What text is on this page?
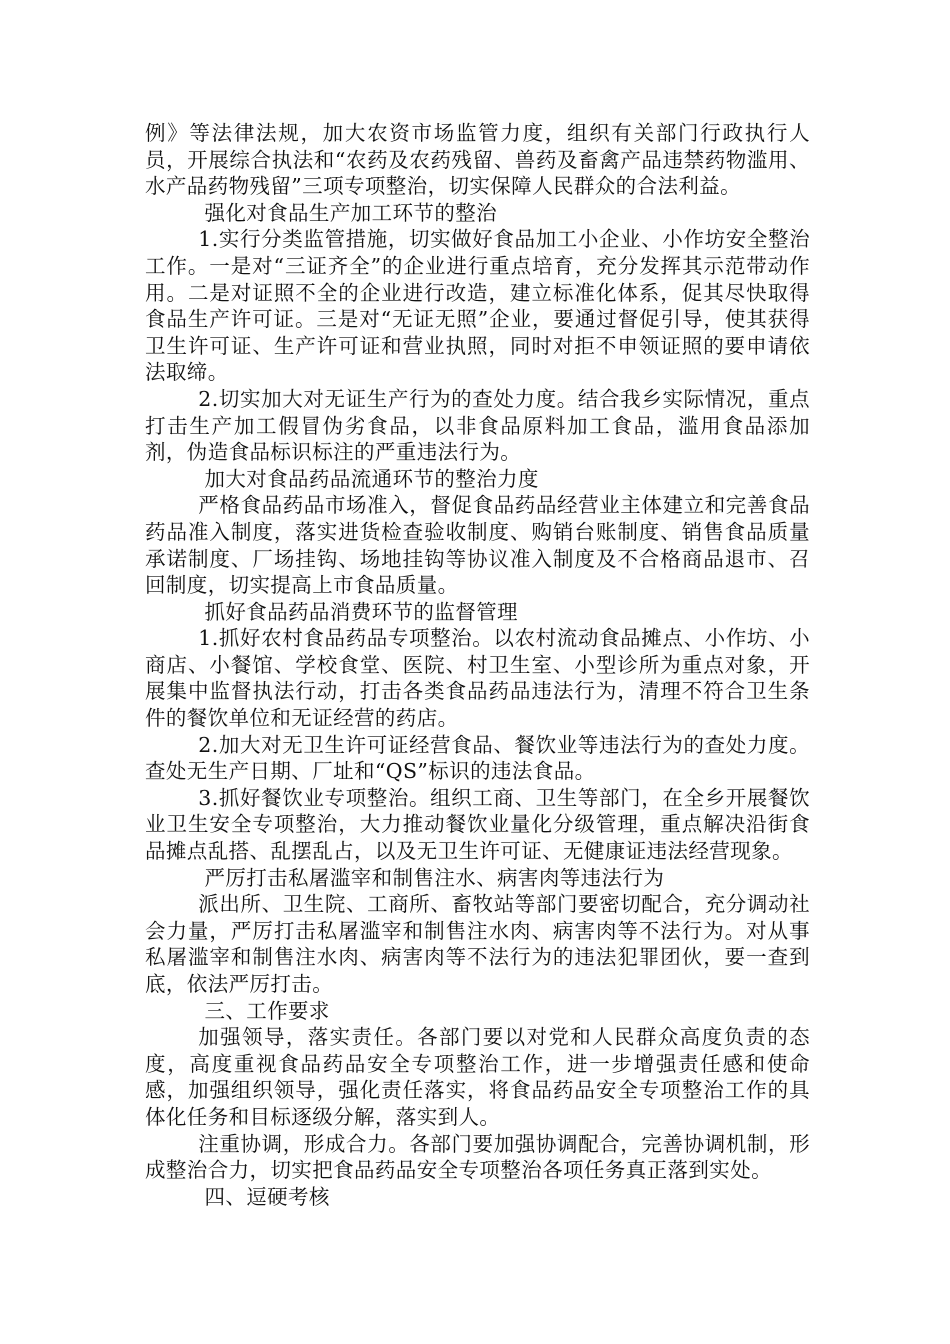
例》等法律法规，加大农资市场监管力度，组织有关部门行政执行人员，开展综合执法和“农药及农药残留、兽药及畜禽产品违禁药物滥用、水产品药物残留”三项专项整治，切实保障人民群众的合法利益。

强化对食品生产加工环节的整治

1.实行分类监管措施，切实做好食品加工小企业、小作坊安全整治工作。一是对“三证齐全”的企业进行重点培育，充分发挥其示范带动作用。二是对证照不全的企业进行改造，建立标准化体系，促其尽快取得食品生产许可证。三是对“无证无照”企业，要通过督促引导，使其获得卫生许可证、生产许可证和营业执照，同时对拒不申领证照的要申请依法取缔。

2.切实加大对无证生产行为的查处力度。结合我乡实际情况，重点打击生产加工假冒伪劣食品，以非食品原料加工食品，滥用食品添加剂，伪造食品标识标注的严重违法行为。

加大对食品药品流通环节的整治力度

严格食品药品市场准入，督促食品药品经营业主体建立和完善食品药品准入制度，落实进货检查验收制度、购销台账制度、销售食品质量承诺制度、厂场挂钩、场地挂钩等协议准入制度及不合格商品退市、召回制度，切实提高上市食品质量。

抓好食品药品消费环节的监督管理

1.抓好农村食品药品专项整治。以农村流动食品摊点、小作坊、小商店、小餐馆、学校食堂、医院、村卫生室、小型诊所为重点对象，开展集中监督执法行动，打击各类食品药品违法行为，清理不符合卫生条件的餐饮单位和无证经营的药店。

2.加大对无卫生许可证经营食品、餐饮业等违法行为的查处力度。查处无生产日期、厂址和“QS”标识的违法食品。

3.抓好餐饮业专项整治。组织工商、卫生等部门，在全乡开展餐饮业卫生安全专项整治，大力推动餐饮业量化分级管理，重点解决沿街食品摊点乱搭、乱摆乱占，以及无卫生许可证、无健康证违法经营现象。

严厉打击私屠滥宰和制售注水、病害肉等违法行为

派出所、卫生院、工商所、畜牧站等部门要密切配合，充分调动社会力量，严厉打击私屠滥宰和制售注水肉、病害肉等不法行为。对从事私屠滥宰和制售注水肉、病害肉等不法行为的违法犯罪团伙，要一查到底，依法严厉打击。

三、工作要求

加强领导，落实责任。各部门要以对党和人民群众高度负责的态度，高度重视食品药品安全专项整治工作，进一步增强责任感和使命感，加强组织领导，强化责任落实，将食品药品安全专项整治工作的具体化任务和目标逐级分解，落实到人。

注重协调，形成合力。各部门要加强协调配合，完善协调机制，形成整治合力，切实把食品药品安全专项整治各项任务真正落到实处。

四、逗硬考核
